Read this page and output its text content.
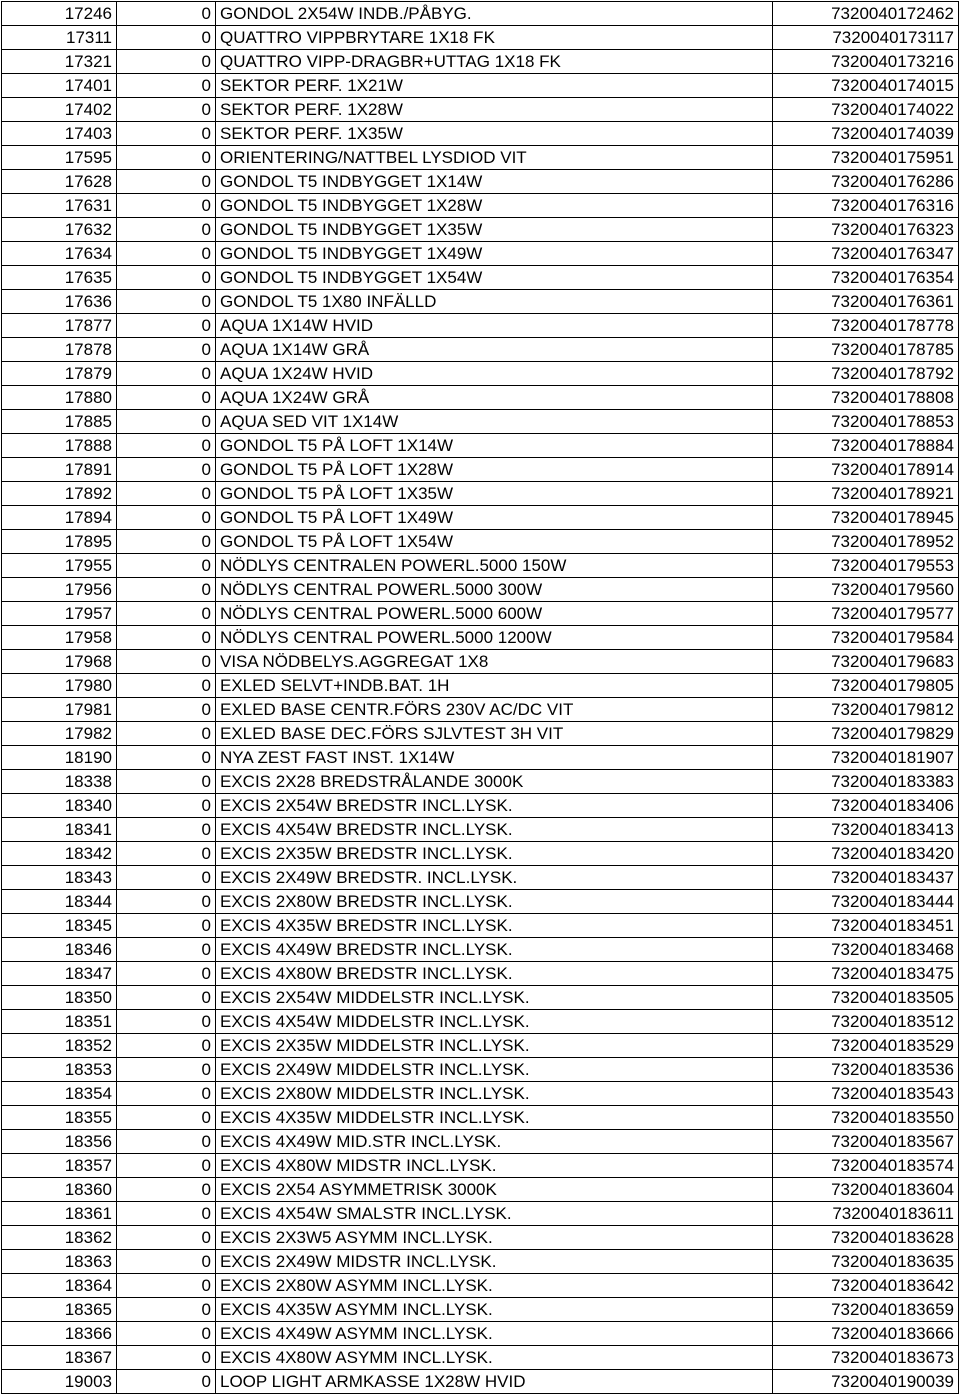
17246	0	GONDOL 2X54W INDB./PÅBYG.	7320040172462
17311	0	QUATTRO VIPPBRYTARE 1X18 FK	7320040173117
17321	0	QUATTRO VIPP-DRAGBR+UTTAG 1X18 FK	7320040173216
17401	0	SEKTOR PERF. 1X21W	7320040174015
17402	0	SEKTOR PERF. 1X28W	7320040174022
17403	0	SEKTOR PERF. 1X35W	7320040174039
17595	0	ORIENTERING/NATTBEL LYSDIOD VIT	7320040175951
17628	0	GONDOL T5 INDBYGGET 1X14W	7320040176286
17631	0	GONDOL T5 INDBYGGET 1X28W	7320040176316
17632	0	GONDOL T5 INDBYGGET 1X35W	7320040176323
17634	0	GONDOL T5 INDBYGGET 1X49W	7320040176347
17635	0	GONDOL T5 INDBYGGET 1X54W	7320040176354
17636	0	GONDOL T5 1X80 INFÄLLD	7320040176361
17877	0	AQUA 1X14W HVID	7320040178778
17878	0	AQUA 1X14W GRÅ	7320040178785
17879	0	AQUA 1X24W HVID	7320040178792
17880	0	AQUA 1X24W GRÅ	7320040178808
17885	0	AQUA SED VIT 1X14W	7320040178853
17888	0	GONDOL T5 PÅ LOFT 1X14W	7320040178884
17891	0	GONDOL T5 PÅ LOFT 1X28W	7320040178914
17892	0	GONDOL T5 PÅ LOFT 1X35W	7320040178921
17894	0	GONDOL T5 PÅ LOFT 1X49W	7320040178945
17895	0	GONDOL T5 PÅ LOFT 1X54W	7320040178952
17955	0	NÖDLYS CENTRALEN POWERL.5000 150W	7320040179553
17956	0	NÖDLYS CENTRAL POWERL.5000 300W	7320040179560
17957	0	NÖDLYS CENTRAL POWERL.5000 600W	7320040179577
17958	0	NÖDLYS CENTRAL POWERL.5000 1200W	7320040179584
17968	0	VISA NÖDBELYS.AGGREGAT 1X8	7320040179683
17980	0	EXLED SELVT+INDB.BAT. 1H	7320040179805
17981	0	EXLED BASE CENTR.FÖRS 230V AC/DC VIT	7320040179812
17982	0	EXLED BASE DEC.FÖRS SJLVTEST 3H VIT	7320040179829
18190	0	NYA ZEST FAST INST. 1X14W	7320040181907
18338	0	EXCIS 2X28 BREDSTRÅLANDE 3000K	7320040183383
18340	0	EXCIS 2X54W BREDSTR INCL.LYSK.	7320040183406
18341	0	EXCIS 4X54W BREDSTR INCL.LYSK.	7320040183413
18342	0	EXCIS 2X35W BREDSTR INCL.LYSK.	7320040183420
18343	0	EXCIS 2X49W BREDSTR. INCL.LYSK.	7320040183437
18344	0	EXCIS 2X80W BREDSTR INCL.LYSK.	7320040183444
18345	0	EXCIS 4X35W BREDSTR INCL.LYSK.	7320040183451
18346	0	EXCIS 4X49W BREDSTR INCL.LYSK.	7320040183468
18347	0	EXCIS 4X80W BREDSTR INCL.LYSK.	7320040183475
18350	0	EXCIS 2X54W MIDDELSTR INCL.LYSK.	7320040183505
18351	0	EXCIS 4X54W MIDDELSTR INCL.LYSK.	7320040183512
18352	0	EXCIS 2X35W MIDDELSTR INCL.LYSK.	7320040183529
18353	0	EXCIS 2X49W MIDDELSTR INCL.LYSK.	7320040183536
18354	0	EXCIS 2X80W MIDDELSTR INCL.LYSK.	7320040183543
18355	0	EXCIS 4X35W MIDDELSTR INCL.LYSK.	7320040183550
18356	0	EXCIS 4X49W MID.STR INCL.LYSK.	7320040183567
18357	0	EXCIS 4X80W MIDSTR INCL.LYSK.	7320040183574
18360	0	EXCIS 2X54 ASYMMETRISK 3000K	7320040183604
18361	0	EXCIS 4X54W SMALSTR INCL.LYSK.	7320040183611
18362	0	EXCIS 2X3W5 ASYMM INCL.LYSK.	7320040183628
18363	0	EXCIS 2X49W MIDSTR INCL.LYSK.	7320040183635
18364	0	EXCIS 2X80W ASYMM INCL.LYSK.	7320040183642
18365	0	EXCIS 4X35W ASYMM INCL.LYSK.	7320040183659
18366	0	EXCIS 4X49W ASYMM INCL.LYSK.	7320040183666
18367	0	EXCIS 4X80W ASYMM INCL.LYSK.	7320040183673
19003	0	LOOP LIGHT ARMKASSE 1X28W HVID	7320040190039
